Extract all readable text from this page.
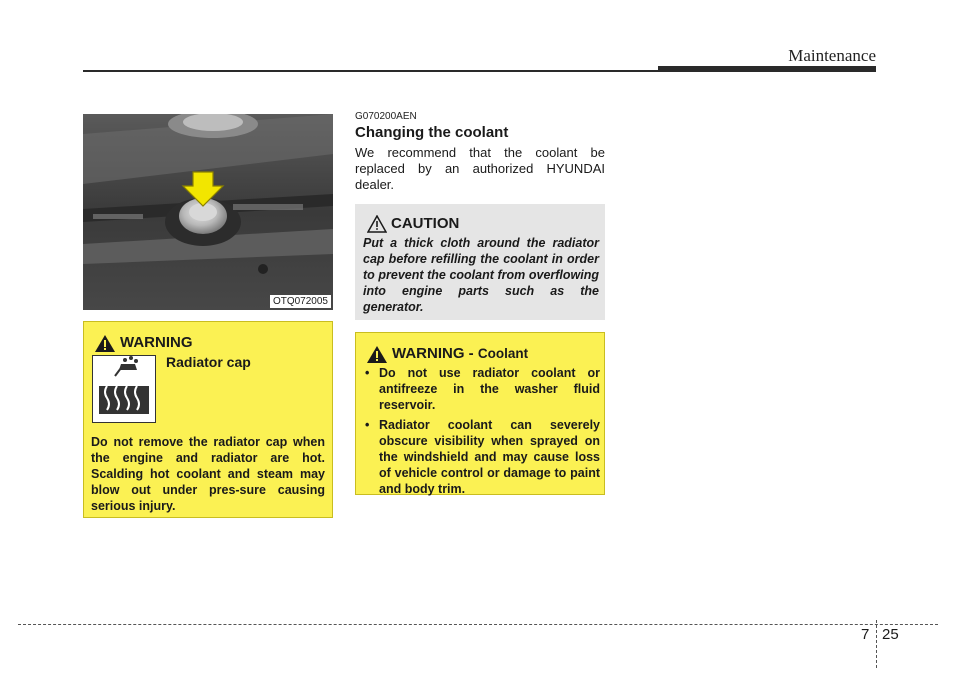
Maintenance
OTQ072005
WARNING
Radiator cap
Do not remove the radiator cap when the engine and radiator are hot. Scalding hot coolant and steam may blow out under pres-sure causing serious injury.
G070200AEN
Changing the coolant
We recommend that the coolant be replaced by an authorized HYUNDAI dealer.
CAUTION
Put a thick cloth around the radiator cap before refilling the coolant in order to prevent the coolant from overflowing into engine parts such as the generator.
WARNING - Coolant
• Do not use radiator coolant or antifreeze in the washer fluid reservoir.
• Radiator coolant can severely obscure visibility when sprayed on the windshield and may cause loss of vehicle control or damage to paint and body trim.
7 25
